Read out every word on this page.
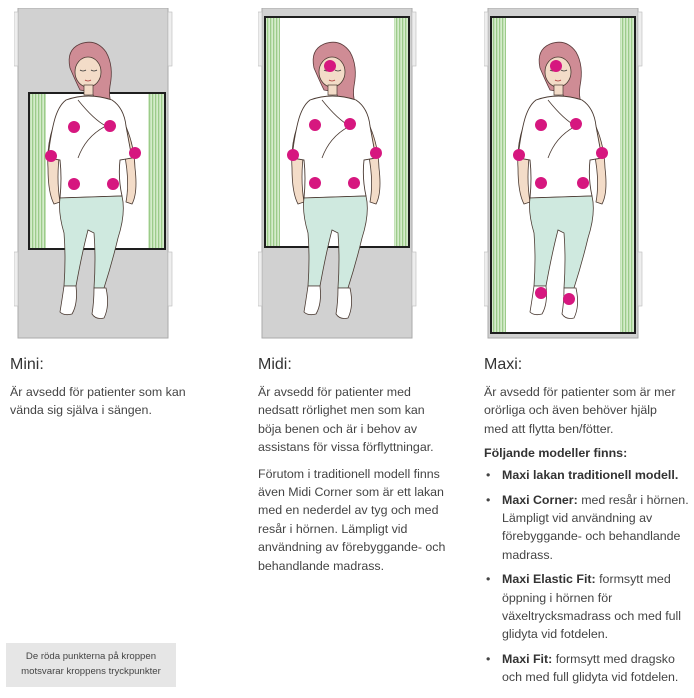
Mini:

Är avsedd för patienter som kan vända sig själva i sängen.

Midi:

Är avsedd för patienter med nedsatt rörlighet men som kan böja benen och är i behov av assistans för vissa förflyttningar.

Förutom i traditionell modell finns även Midi Corner som är ett lakan med en nederdel av tyg och med resår i hörnen. Lämpligt vid användning av förebyggande- och behandlande madrass.

Maxi:

Är avsedd för patienter som är mer orörliga och även behöver hjälp med att flytta ben/fötter.

Följande modeller finns:
• Maxi lakan traditionell modell.
• Maxi Corner: med resår i hörnen. Lämpligt vid användning av förebyggande- och behandlande madrass.
• Maxi Elastic Fit: formsytt med öppning i hörnen för växeltrycksmadrass och med full glidyta vid fotdelen.
• Maxi Fit: formsytt med dragsko och med full glidyta vid fotdelen.
De röda punkterna på kroppen
motsvarar kroppens tryckpunkter
